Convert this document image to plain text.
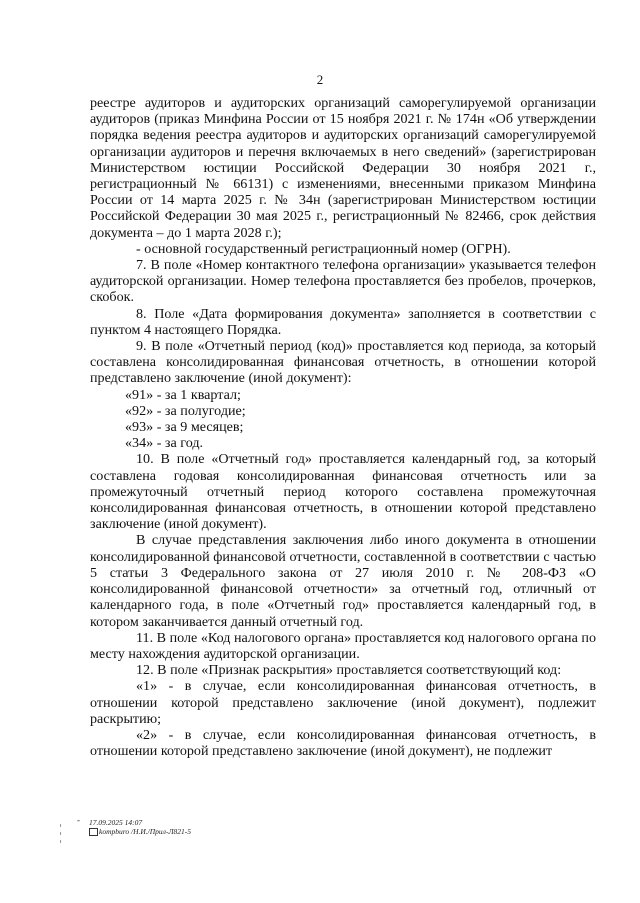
2

реестре аудиторов и аудиторских организаций саморегулируемой организации аудиторов (приказ Минфина России от 15 ноября 2021 г. № 174н «Об утверждении порядка ведения реестра аудиторов и аудиторских организаций саморегулируемой организации аудиторов и перечня включаемых в него сведений» (зарегистрирован Министерством юстиции Российской Федерации 30 ноября 2021 г., регистрационный № 66131) с изменениями, внесенными приказом Минфина России от 14 марта 2025 г. № 34н (зарегистрирован Министерством юстиции Российской Федерации 30 мая 2025 г., регистрационный № 82466, срок действия документа – до 1 марта 2028 г.);

- основной государственный регистрационный номер (ОГРН).

7. В поле «Номер контактного телефона организации» указывается телефон аудиторской организации. Номер телефона проставляется без пробелов, прочерков, скобок.

8. Поле «Дата формирования документа» заполняется в соответствии с пунктом 4 настоящего Порядка.

9. В поле «Отчетный период (код)» проставляется код периода, за который составлена консолидированная финансовая отчетность, в отношении которой представлено заключение (иной документ):

«91» - за 1 квартал;

«92» - за полугодие;

«93» - за 9 месяцев;

«34» - за год.

10. В поле «Отчетный год» проставляется календарный год, за который составлена годовая консолидированная финансовая отчетность или за промежуточный отчетный период которого составлена промежуточная консолидированная финансовая отчетность, в отношении которой представлено заключение (иной документ).

В случае представления заключения либо иного документа в отношении консолидированной финансовой отчетности, составленной в соответствии с частью 5 статьи 3 Федерального закона от 27 июля 2010 г. № 208-ФЗ «О консолидированной финансовой отчетности» за отчетный год, отличный от календарного года, в поле «Отчетный год» проставляется календарный год, в котором заканчивается данный отчетный год.

11. В поле «Код налогового органа» проставляется код налогового органа по месту нахождения аудиторской организации.

12. В поле «Признак раскрытия» проставляется соответствующий код:

«1» - в случае, если консолидированная финансовая отчетность, в отношении которой представлено заключение (иной документ), подлежит раскрытию;

«2» - в случае, если консолидированная финансовая отчетность, в отношении которой представлено заключение (иной документ), не подлежит

- 17.09.2025 14:07
kompburo /Н.И./Прил-Л821-5
